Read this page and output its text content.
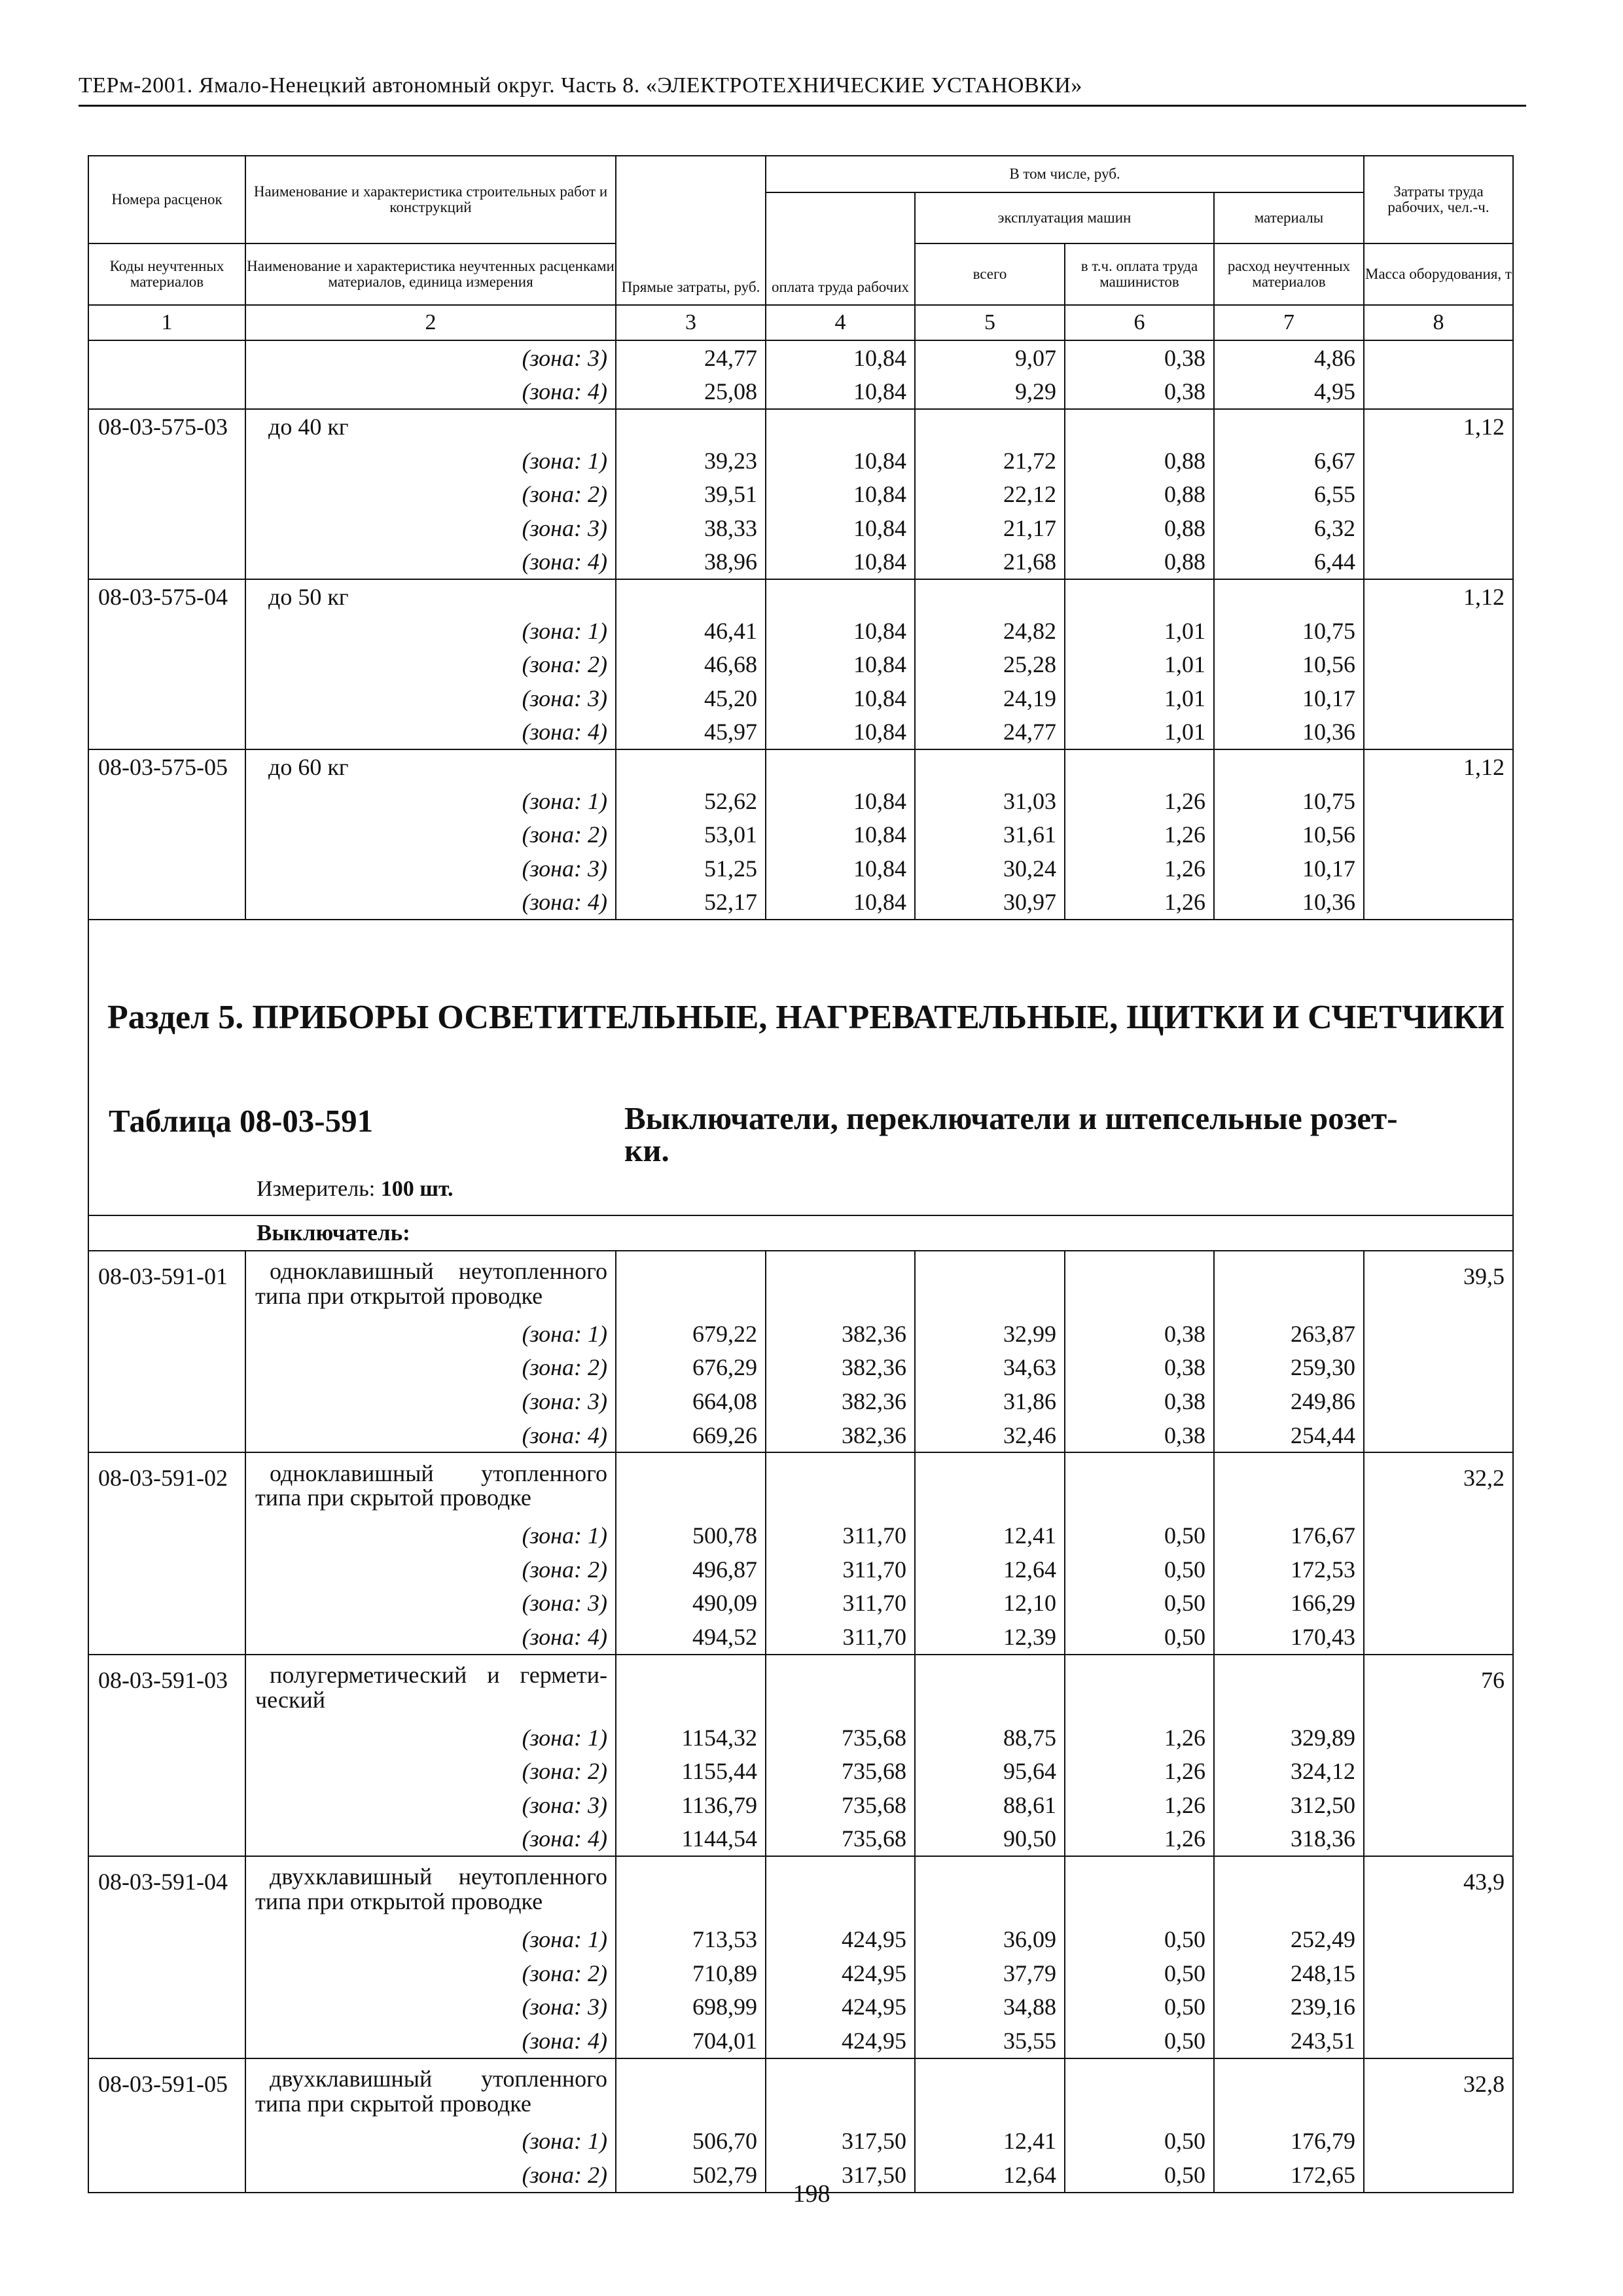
ТЕРм-2001. Ямало-Ненецкий автономный округ. Часть 8. «ЭЛЕКТРОТЕХНИЧЕСКИЕ УСТАНОВКИ»
Номера расценок	Наименование и характеристика строительных работ и конструкций	Прямые затраты, руб.	В том числе, руб.				Затраты труда рабочих, чел.-ч.
			оплата труда рабочих	эксплуатация машин		материалы	
Коды неучтенных материалов	Наименование и характеристика неучтенных расценками материалов, единица измерения			всего	в т.ч. оплата труда машинистов	расход неучтенных материалов	Масса оборудования, т
1	2	3	4	5	6	7	8
	(зона: 3)	24,77	10,84	9,07	0,38	4,86	
	(зона: 4)	25,08	10,84	9,29	0,38	4,95	
08-03-575-03	до 40 кг						1,12
	(зона: 1)	39,23	10,84	21,72	0,88	6,67	
	(зона: 2)	39,51	10,84	22,12	0,88	6,55	
	(зона: 3)	38,33	10,84	21,17	0,88	6,32	
	(зона: 4)	38,96	10,84	21,68	0,88	6,44	
08-03-575-04	до 50 кг						1,12
	(зона: 1)	46,41	10,84	24,82	1,01	10,75	
	(зона: 2)	46,68	10,84	25,28	1,01	10,56	
	(зона: 3)	45,20	10,84	24,19	1,01	10,17	
	(зона: 4)	45,97	10,84	24,77	1,01	10,36	
08-03-575-05	до 60 кг						1,12
	(зона: 1)	52,62	10,84	31,03	1,26	10,75	
	(зона: 2)	53,01	10,84	31,61	1,26	10,56	
	(зона: 3)	51,25	10,84	30,24	1,26	10,17	
	(зона: 4)	52,17	10,84	30,97	1,26	10,36	

Раздел 5. ПРИБОРЫ ОСВЕТИТЕЛЬНЫЕ, НАГРЕВАТЕЛЬНЫЕ, ЩИТКИ И СЧЕТЧИКИ							

Таблица 08-03-591 Выключатели, переключатели и штепсельные розет-
ки.
Измеритель: 100 шт.							

Выключатель:							
08-03-591-01	одноклавишный неутопленного
типа при открытой проводке						39,5
	(зона: 1)	679,22	382,36	32,99	0,38	263,87	
	(зона: 2)	676,29	382,36	34,63	0,38	259,30	
	(зона: 3)	664,08	382,36	31,86	0,38	249,86	
	(зона: 4)	669,26	382,36	32,46	0,38	254,44	
08-03-591-02	одноклавишный утопленного
типа при скрытой проводке						32,2
	(зона: 1)	500,78	311,70	12,41	0,50	176,67	
	(зона: 2)	496,87	311,70	12,64	0,50	172,53	
	(зона: 3)	490,09	311,70	12,10	0,50	166,29	
	(зона: 4)	494,52	311,70	12,39	0,50	170,43	
08-03-591-03	полугерметический и гермети-
ческий						76
	(зона: 1)	1154,32	735,68	88,75	1,26	329,89	
	(зона: 2)	1155,44	735,68	95,64	1,26	324,12	
	(зона: 3)	1136,79	735,68	88,61	1,26	312,50	
	(зона: 4)	1144,54	735,68	90,50	1,26	318,36	
08-03-591-04	двухклавишный неутопленного
типа при открытой проводке						43,9
	(зона: 1)	713,53	424,95	36,09	0,50	252,49	
	(зона: 2)	710,89	424,95	37,79	0,50	248,15	
	(зона: 3)	698,99	424,95	34,88	0,50	239,16	
	(зона: 4)	704,01	424,95	35,55	0,50	243,51	
08-03-591-05	двухклавишный утопленного
типа при скрытой проводке						32,8
	(зона: 1)	506,70	317,50	12,41	0,50	176,79	
	(зона: 2)	502,79	317,50	12,64	0,50	172,65	
198
